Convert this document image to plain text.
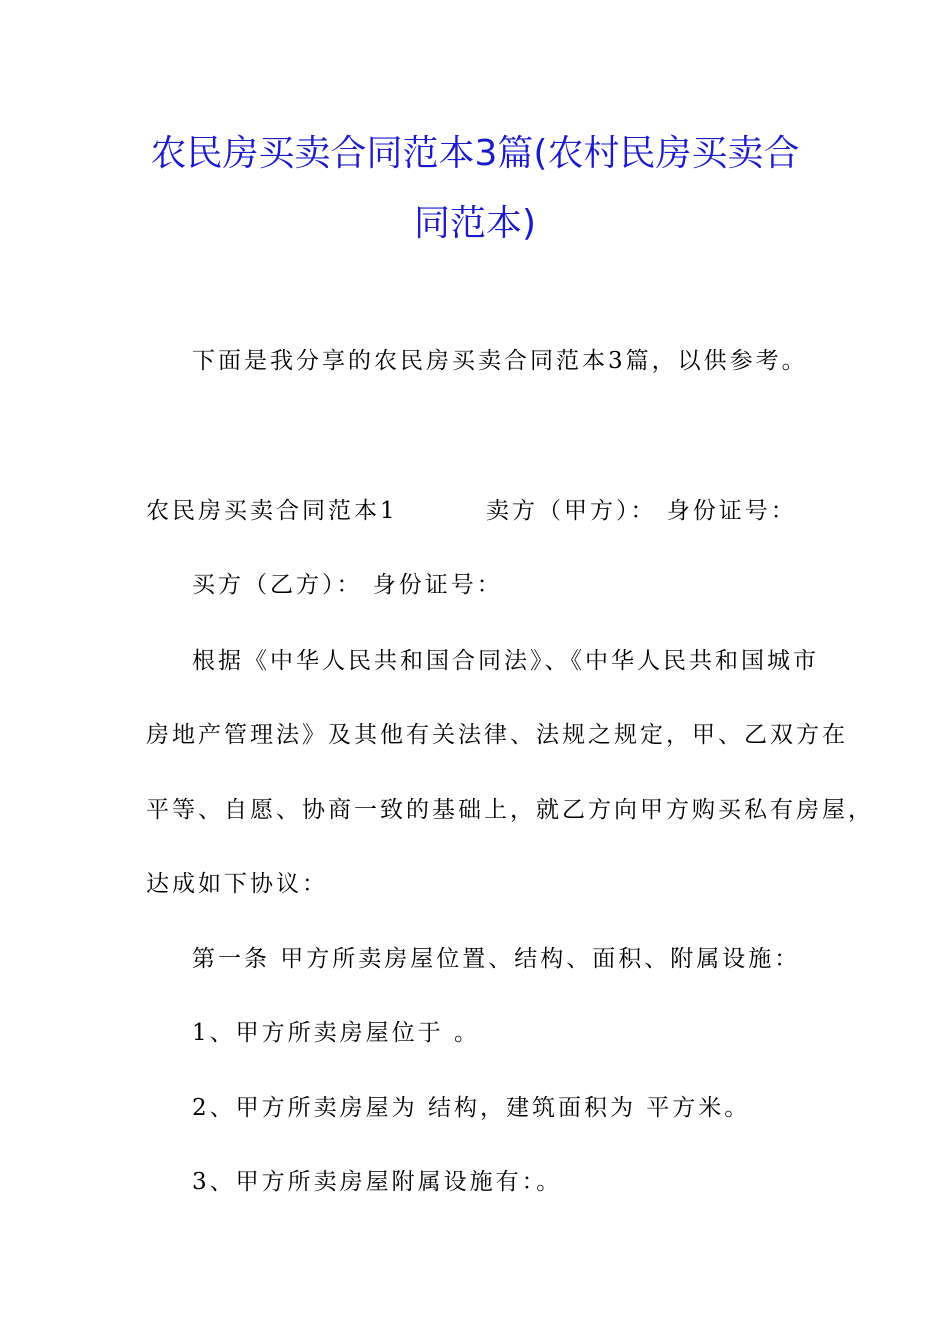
农民房买卖合同范本3篇(农村民房买卖合
同范本)
下面是我分享的农民房买卖合同范本3篇，以供参考。
农民房买卖合同范本1	卖方（甲方）： 身份证号：
买方（乙方）： 身份证号：
根据《中华人民共和国合同法》、《中华人民共和国城市
房地产管理法》及其他有关法律、法规之规定，甲、乙双方在
平等、自愿、协商一致的基础上，就乙方向甲方购买私有房屋，
达成如下协议：
第一条 甲方所卖房屋位置、结构、面积、附属设施：
1、甲方所卖房屋位于 。
2、甲方所卖房屋为 结构，建筑面积为 平方米。
3、甲方所卖房屋附属设施有：。
